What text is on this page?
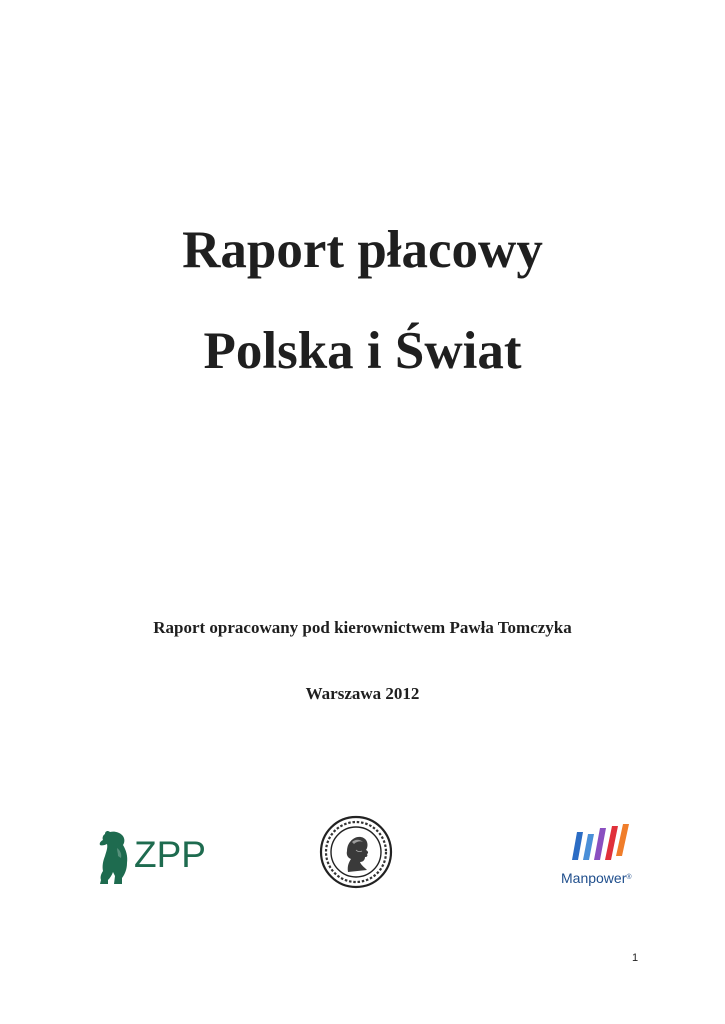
Raport płacowy
Polska i Świat
Raport opracowany pod kierownictwem Pawła Tomczyka
Warszawa 2012
ZPP
Manpower®
1
